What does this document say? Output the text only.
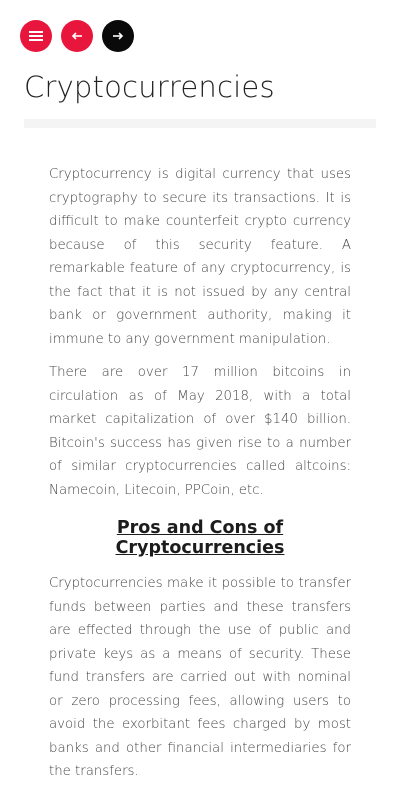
Cryptocurrencies

Cryptocurrency is digital currency that uses cryptography to secure its transactions. It is difficult to make counterfeit crypto currency because of this security feature. A remarkable feature of any cryptocurrency, is the fact that it is not issued by any central bank or government authority, making it immune to any government manipulation.

There are over 17 million bitcoins in circulation as of May 2018, with a total market capitalization of over $140 billion. Bitcoin's success has given rise to a number of similar cryptocurrencies called altcoins: Namecoin, Litecoin, PPCoin, etc.

Pros and Cons of Cryptocurrencies

Cryptocurrencies make it possible to transfer funds between parties and these transfers are effected through the use of public and private keys as a means of security. These fund transfers are carried out with nominal or zero processing fees, allowing users to avoid the exorbitant fees charged by most banks and other financial intermediaries for the transfers.
